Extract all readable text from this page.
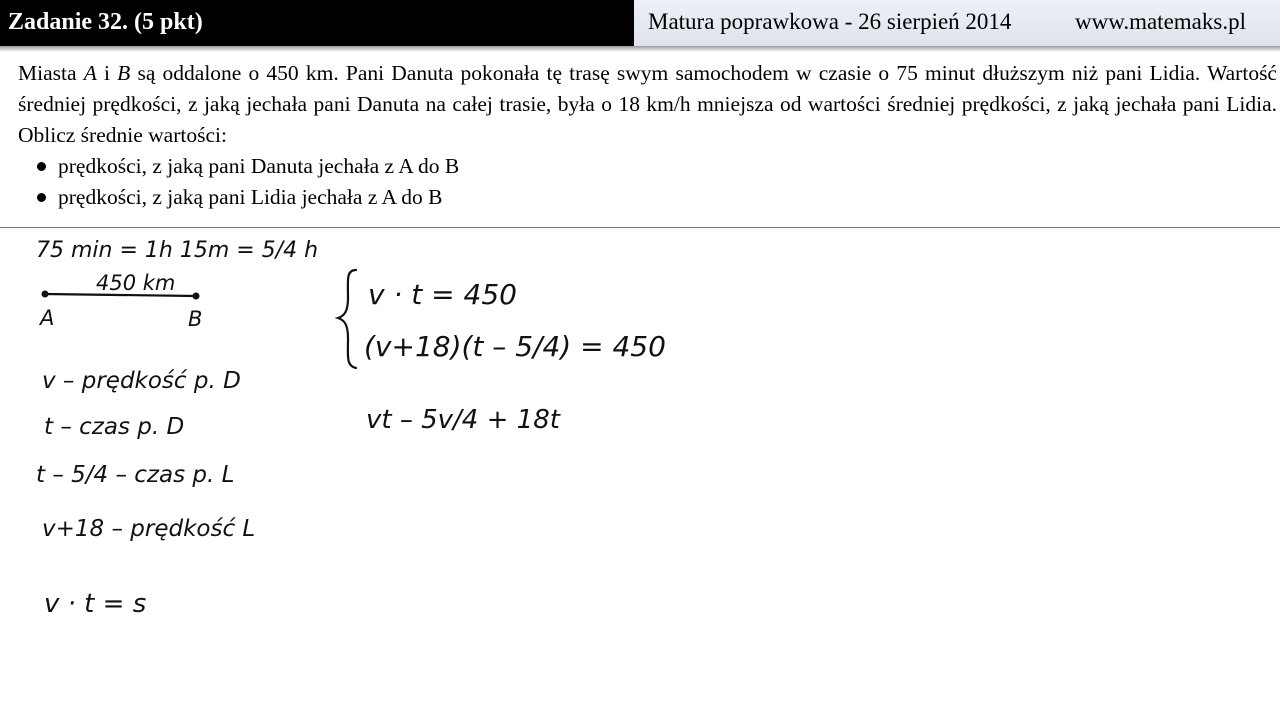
Zadanie 32. (5 pkt)	Matura poprawkowa - 26 sierpień 2014	www.matemaks.pl

Miasta A i B są oddalone o 450 km. Pani Danuta pokonała tę trasę swym samochodem w czasie o 75 minut dłuższym niż pani Lidia. Wartość średniej prędkości, z jaką jechała pani Danuta na całej trasie, była o 18 km/h mniejsza od wartości średniej prędkości, z jaką jechała pani Lidia. Oblicz średnie wartości:

prędkości, z jaką pani Danuta jechała z A do B
prędkości, z jaką pani Lidia jechała z A do B
75 min = 1h 15m = 5/4 h
450 km
A	B
v – prędkość p. D
t – czas p. D
t – 5/4 – czas p. L
v+18 – prędkość L
v · t = s
v · t = 450
(v+18)(t – 5/4) = 450
vt – 5v/4 + 18t
